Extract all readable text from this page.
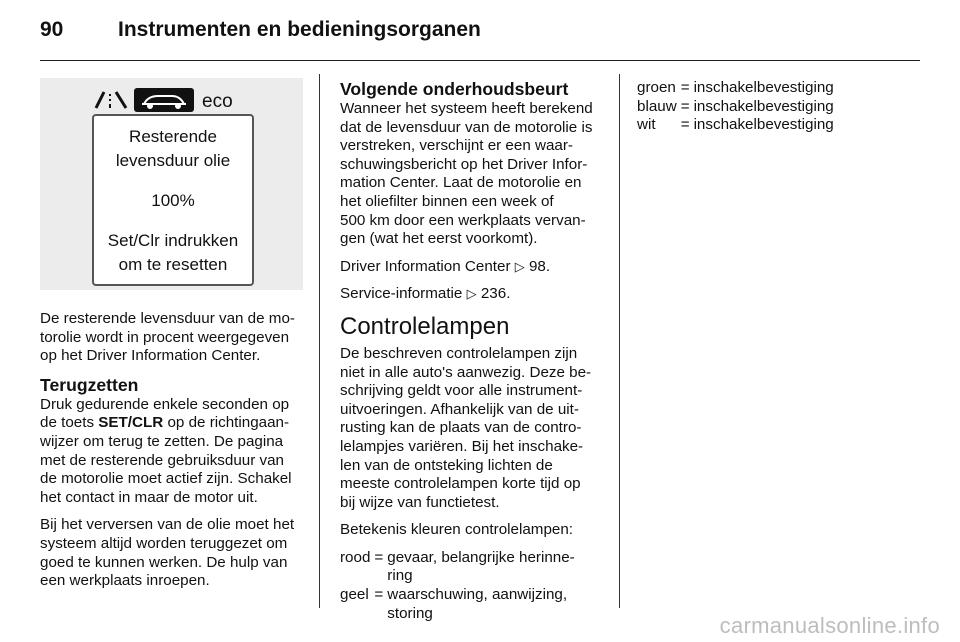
90	Instrumenten en bedieningsorganen
eco
Resterende
levensduur olie
100%
Set/Clr indrukken
om te resetten

De resterende levensduur van de mo-
torolie wordt in procent weergegeven
op het Driver Information Center.

Terugzetten

Druk gedurende enkele seconden op
de toets SET/CLR op de richtingaan-
wijzer om terug te zetten. De pagina
met de resterende gebruiksduur van
de motorolie moet actief zijn. Schakel
het contact in maar de motor uit.

Bij het verversen van de olie moet het
systeem altijd worden teruggezet om
goed te kunnen werken. De hulp van
een werkplaats inroepen.

Volgende onderhoudsbeurt

Wanneer het systeem heeft berekend
dat de levensduur van de motorolie is
verstreken, verschijnt er een waar-
schuwingsbericht op het Driver Infor-
mation Center. Laat de motorolie en
het oliefilter binnen een week of
500 km door een werkplaats vervan-
gen (wat het eerst voorkomt).

Driver Information Center ▷ 98.
Service-informatie ▷ 236.
Controlelampen

De beschreven controlelampen zijn
niet in alle auto's aanwezig. Deze be-
schrijving geldt voor alle instrument-
uitvoeringen. Afhankelijk van de uit-
rusting kan de plaats van de contro-
lelampjes variëren. Bij het inschake-
len van de ontsteking lichten de
meeste controlelampen korte tijd op
bij wijze van functietest.

Betekenis kleuren controlelampen:

rood	=	gevaar, belangrijke herinne-
ring

geel	=	waarschuwing, aanwijzing,
storing
groen	=	inschakelbevestiging
blauw	=	inschakelbevestiging
wit	=	inschakelbevestiging
carmanualsonline.info
